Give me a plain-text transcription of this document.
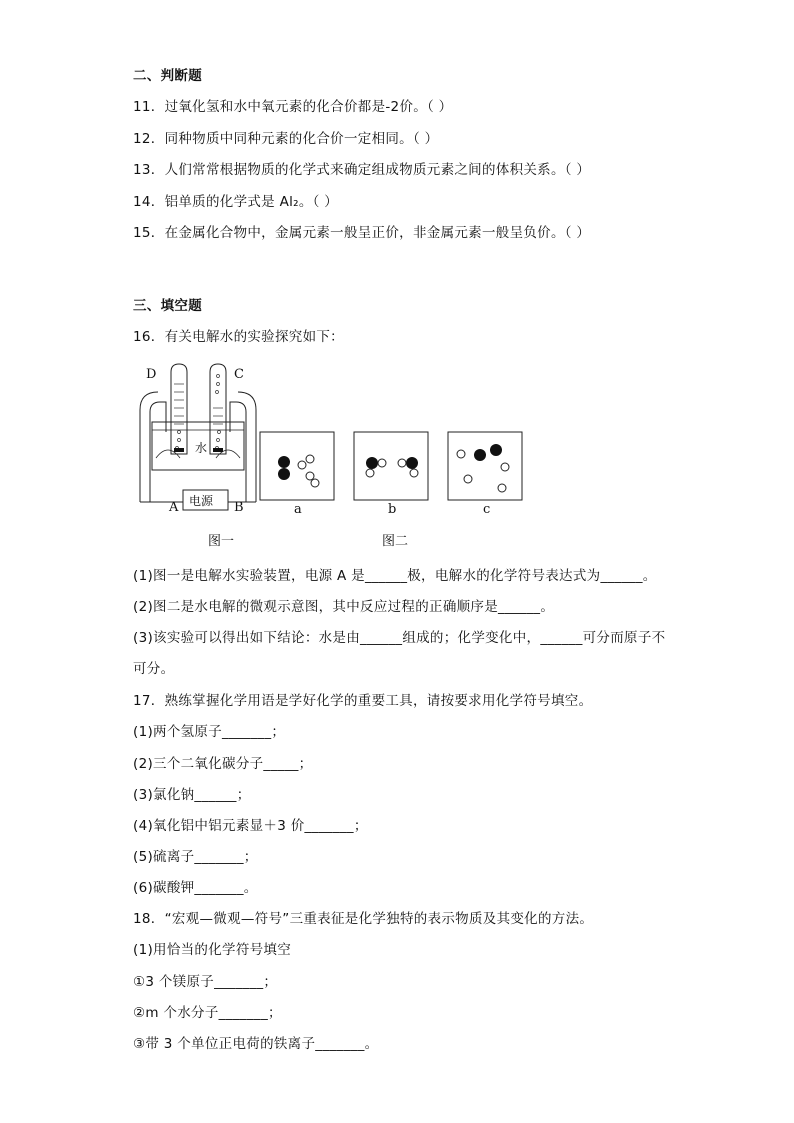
二、判断题
11．过氧化氢和水中氧元素的化合价都是-2价。（ ）
12．同种物质中同种元素的化合价一定相同。（ ）
13．人们常常根据物质的化学式来确定组成物质元素之间的体积关系。（ ）
14．铝单质的化学式是 Al₂。（ ）
15．在金属化合物中，金属元素一般呈正价，非金属元素一般呈负价。（ ）
三、填空题
16．有关电解水的实验探究如下：
D	C
水
电源
A	B	a	b	c
图一	图二
(1)图一是电解水实验装置，电源 A 是______极，电解水的化学符号表达式为______。
(2)图二是水电解的微观示意图，其中反应过程的正确顺序是______。
(3)该实验可以得出如下结论：水是由______组成的；化学变化中，______可分而原子不
可分。
17．熟练掌握化学用语是学好化学的重要工具，请按要求用化学符号填空。
(1)两个氢原子_______；
(2)三个二氧化碳分子_____；
(3)氯化钠______；
(4)氧化铝中铝元素显＋3 价_______；
(5)硫离子_______；
(6)碳酸钾_______。
18．“宏观—微观—符号”三重表征是化学独特的表示物质及其变化的方法。
(1)用恰当的化学符号填空
①3 个镁原子_______；
②m 个水分子_______；
③带 3 个单位正电荷的铁离子_______。
